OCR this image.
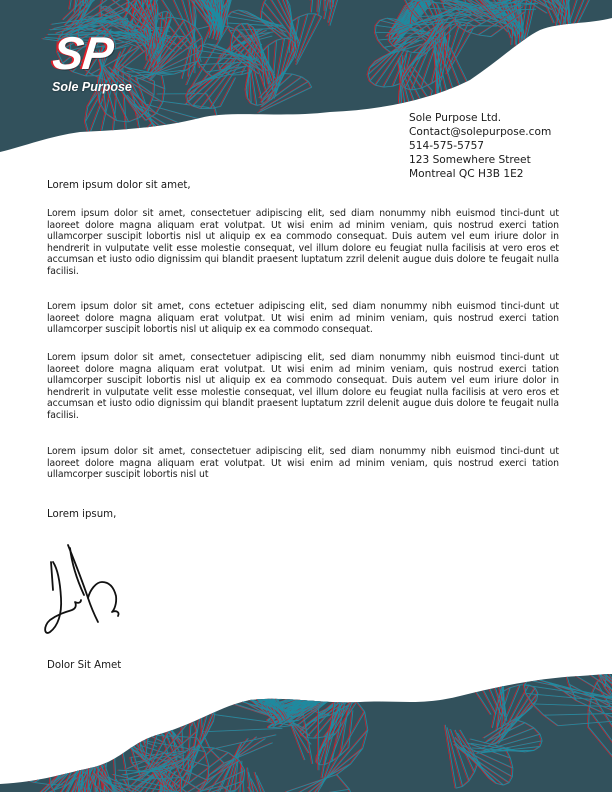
SP
Sole Purpose
Sole Purpose Ltd.
Contact@solepurpose.com
514-575-5757
123 Somewhere Street
Montreal QC H3B 1E2
Lorem ipsum dolor sit amet,
Lorem ipsum dolor sit amet, consectetuer adipiscing elit, sed diam nonummy nibh euismod tinci-dunt ut laoreet dolore magna aliquam erat volutpat. Ut wisi enim ad minim veniam, quis nostrud exerci tation ullamcorper suscipit lobortis nisl ut aliquip ex ea commodo consequat. Duis autem vel eum iriure dolor in hendrerit in vulputate velit esse molestie consequat, vel illum dolore eu feugiat nulla facilisis at vero eros et accumsan et iusto odio dignissim qui blandit praesent luptatum zzril delenit augue duis dolore te feugait nulla facilisi.
Lorem ipsum dolor sit amet, cons ectetuer adipiscing elit, sed diam nonummy nibh euismod tinci-dunt ut laoreet dolore magna aliquam erat volutpat. Ut wisi enim ad minim veniam, quis nostrud exerci tation ullamcorper suscipit lobortis nisl ut aliquip ex ea commodo consequat.
Lorem ipsum dolor sit amet, consectetuer adipiscing elit, sed diam nonummy nibh euismod tinci-dunt ut laoreet dolore magna aliquam erat volutpat. Ut wisi enim ad minim veniam, quis nostrud exerci tation ullamcorper suscipit lobortis nisl ut aliquip ex ea commodo consequat. Duis autem vel eum iriure dolor in hendrerit in vulputate velit esse molestie consequat, vel illum dolore eu feugiat nulla facilisis at vero eros et accumsan et iusto odio dignissim qui blandit praesent luptatum zzril delenit augue duis dolore te feugait nulla facilisi.
Lorem ipsum dolor sit amet, consectetuer adipiscing elit, sed diam nonummy nibh euismod tinci-dunt ut laoreet dolore magna aliquam erat volutpat. Ut wisi enim ad minim veniam, quis nostrud exerci tation ullamcorper suscipit lobortis nisl ut
Lorem ipsum,
Dolor Sit Amet
